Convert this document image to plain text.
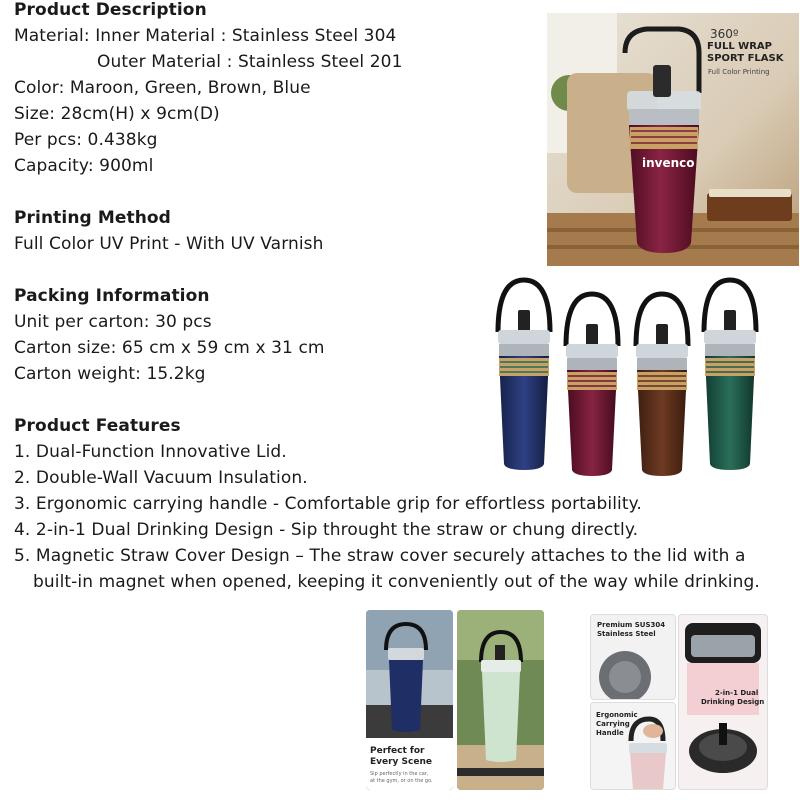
Product Description
Material: Inner Material : Stainless Steel 304
Outer Material : Stainless Steel 201
Color: Maroon, Green, Brown, Blue
Size: 28cm(H) x 9cm(D)
Per pcs: 0.438kg
Capacity: 900ml
Printing Method
Full Color UV Print - With UV Varnish
Packing Information
Unit per carton: 30 pcs
Carton size: 65 cm x 59 cm x 31 cm
Carton weight: 15.2kg
Product Features
1. Dual-Function Innovative Lid.
2. Double-Wall Vacuum Insulation.
3. Ergonomic carrying handle - Comfortable grip for effortless portability.
4. 2-in-1 Dual Drinking Design - Sip throught the straw or chung directly.
5. Magnetic Straw Cover Design – The straw cover securely attaches to the lid with a
built-in magnet when opened, keeping it conveniently out of the way while drinking.
360º
FULL WRAP
SPORT FLASK
Full Color Printing
invenco
Perfect for
Every Scene
Sip perfectly in the car,
at the gym, or on the go.
Premium SUS304
Stainless Steel
Ergonomic
Carrying
Handle
2-in-1 Dual
Drinking Design
